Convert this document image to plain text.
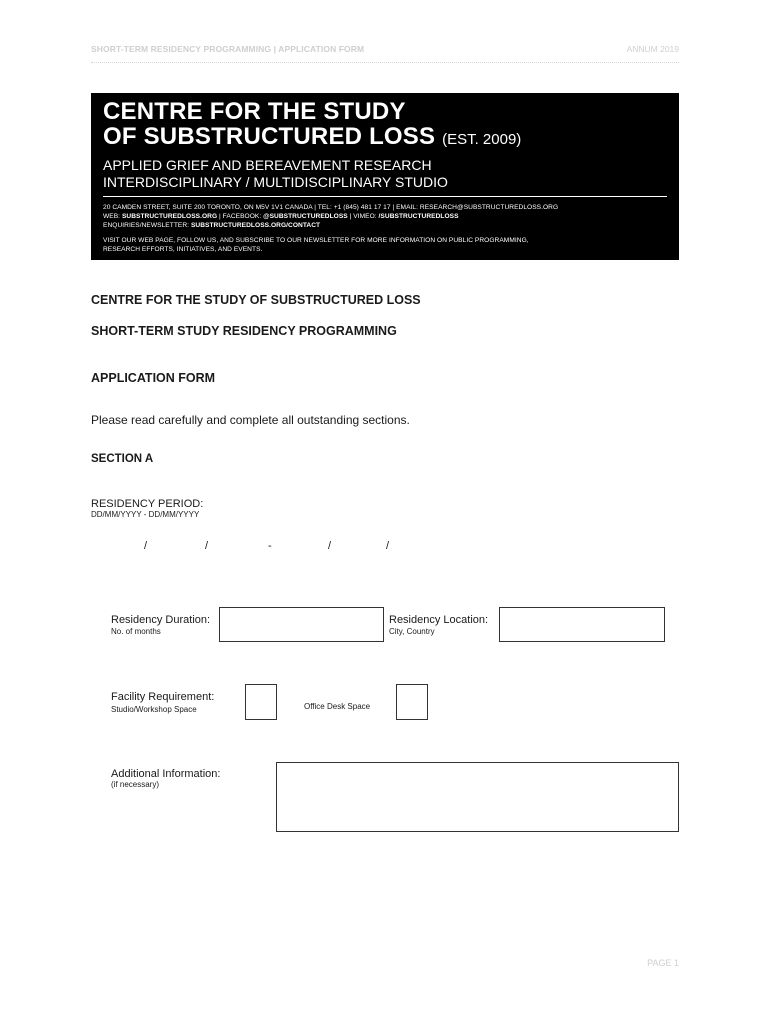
SHORT-TERM RESIDENCY PROGRAMMING | APPLICATION FORM	ANNUM 2019
CENTRE FOR THE STUDY
OF SUBSTRUCTURED LOSS (EST. 2009)
APPLIED GRIEF AND BEREAVEMENT RESEARCH
INTERDISCIPLINARY / MULTIDISCIPLINARY STUDIO
20 CAMDEN STREET, SUITE 200 TORONTO, ON M5V 1V1 CANADA | TEL: +1 (845) 481 17 17 | EMAIL: RESEARCH@SUBSTRUCTUREDLOSS.ORG
WEB: SUBSTRUCTUREDLOSS.ORG | FACEBOOK: @SUBSTRUCTUREDLOSS | VIMEO: /SUBSTRUCTUREDLOSS
ENQUIRIES/NEWSLETTER: SUBSTRUCTUREDLOSS.ORG/CONTACT
VISIT OUR WEB PAGE, FOLLOW US, AND SUBSCRIBE TO OUR NEWSLETTER FOR MORE INFORMATION ON PUBLIC PROGRAMMING,
RESEARCH EFFORTS, INITIATIVES, AND EVENTS.
CENTRE FOR THE STUDY OF SUBSTRUCTURED LOSS
SHORT-TERM STUDY RESIDENCY PROGRAMMING
APPLICATION FORM
Please read carefully and complete all outstanding sections.
SECTION A
RESIDENCY PERIOD:
DD/MM/YYYY - DD/MM/YYYY
/	/	-	/	/
Residency Duration:
No. of months
Residency Location:
City, Country
Facility Requirement:
Studio/Workshop Space	Office Desk Space
Additional Information:
(if necessary)
PAGE 1
